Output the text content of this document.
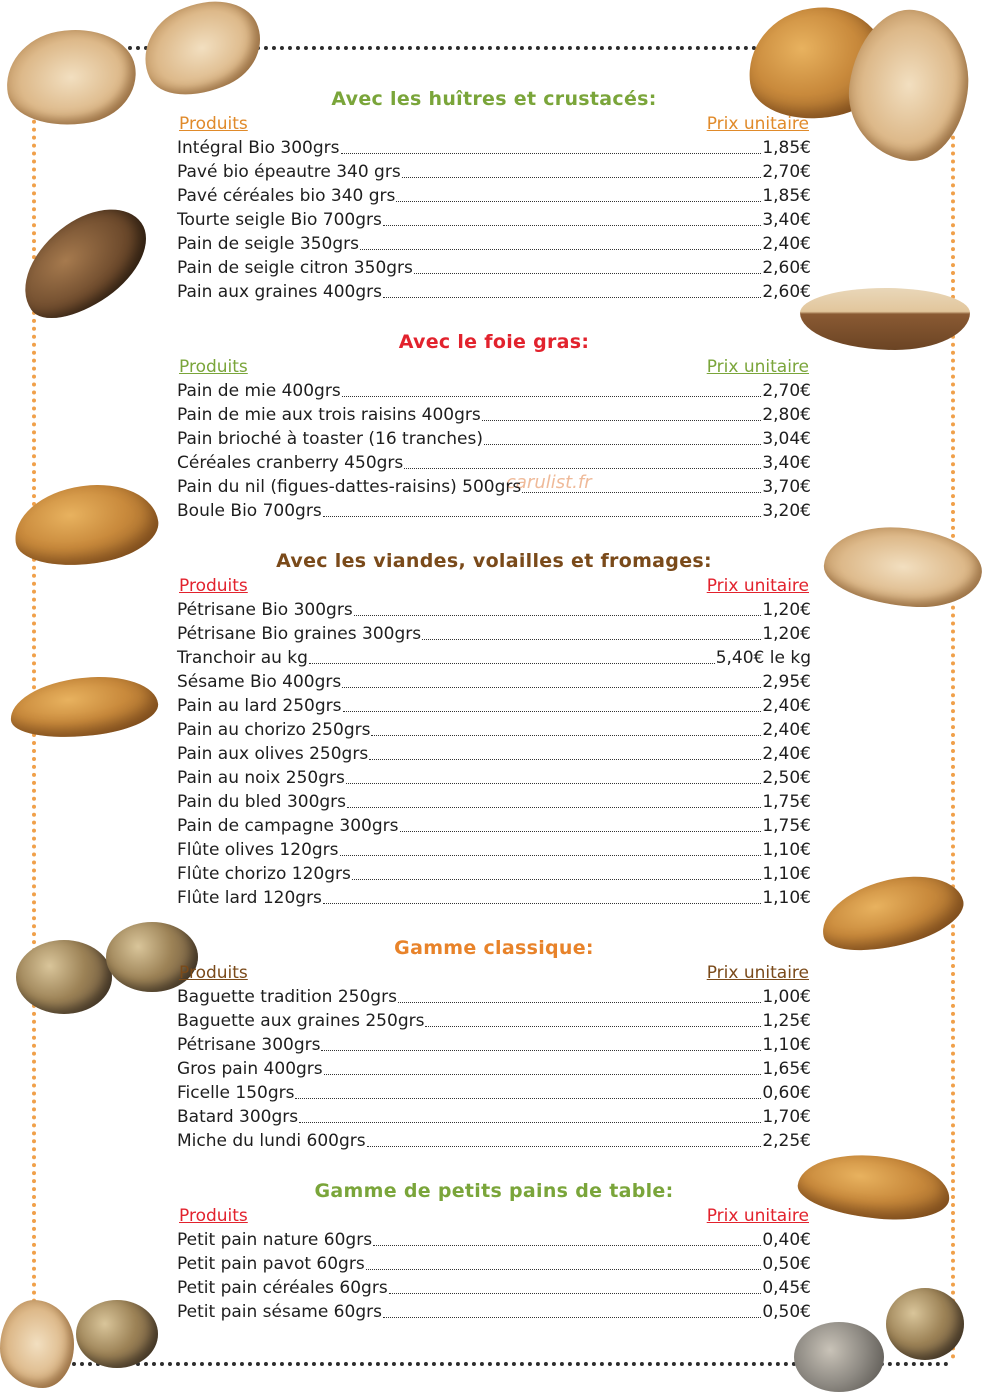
carulist.fr
Avec les huîtres et crustacés:
Produits	Prix unitaire
Intégral Bio 300grs	1,85€
Pavé bio épeautre 340 grs	2,70€
Pavé céréales bio 340 grs	1,85€
Tourte seigle Bio 700grs	3,40€
Pain de seigle 350grs	2,40€
Pain de seigle citron 350grs	2,60€
Pain aux graines 400grs	2,60€
Avec le foie gras:
Produits	Prix unitaire
Pain de mie 400grs	2,70€
Pain de mie aux trois raisins 400grs	2,80€
Pain brioché à toaster (16 tranches)	3,04€
Céréales cranberry 450grs	3,40€
Pain du nil (figues-dattes-raisins) 500grs	3,70€
Boule Bio 700grs	3,20€
Avec les viandes, volailles et fromages:
Produits	Prix unitaire
Pétrisane Bio 300grs	1,20€
Pétrisane Bio graines 300grs	1,20€
Tranchoir au kg	5,40€ le kg
Sésame Bio 400grs	2,95€
Pain au lard 250grs	2,40€
Pain au chorizo 250grs	2,40€
Pain aux olives 250grs	2,40€
Pain au noix 250grs	2,50€
Pain du bled 300grs	1,75€
Pain de campagne 300grs	1,75€
Flûte olives 120grs	1,10€
Flûte chorizo 120grs	1,10€
Flûte lard 120grs	1,10€
Gamme classique:
Produits	Prix unitaire
Baguette tradition 250grs	1,00€
Baguette aux graines 250grs	1,25€
Pétrisane 300grs	1,10€
Gros pain 400grs	1,65€
Ficelle 150grs	0,60€
Batard 300grs	1,70€
Miche du lundi 600grs	2,25€
Gamme de petits pains de table:
Produits	Prix unitaire
Petit pain nature 60grs	0,40€
Petit pain pavot 60grs	0,50€
Petit pain céréales 60grs	0,45€
Petit pain sésame 60grs	0,50€
